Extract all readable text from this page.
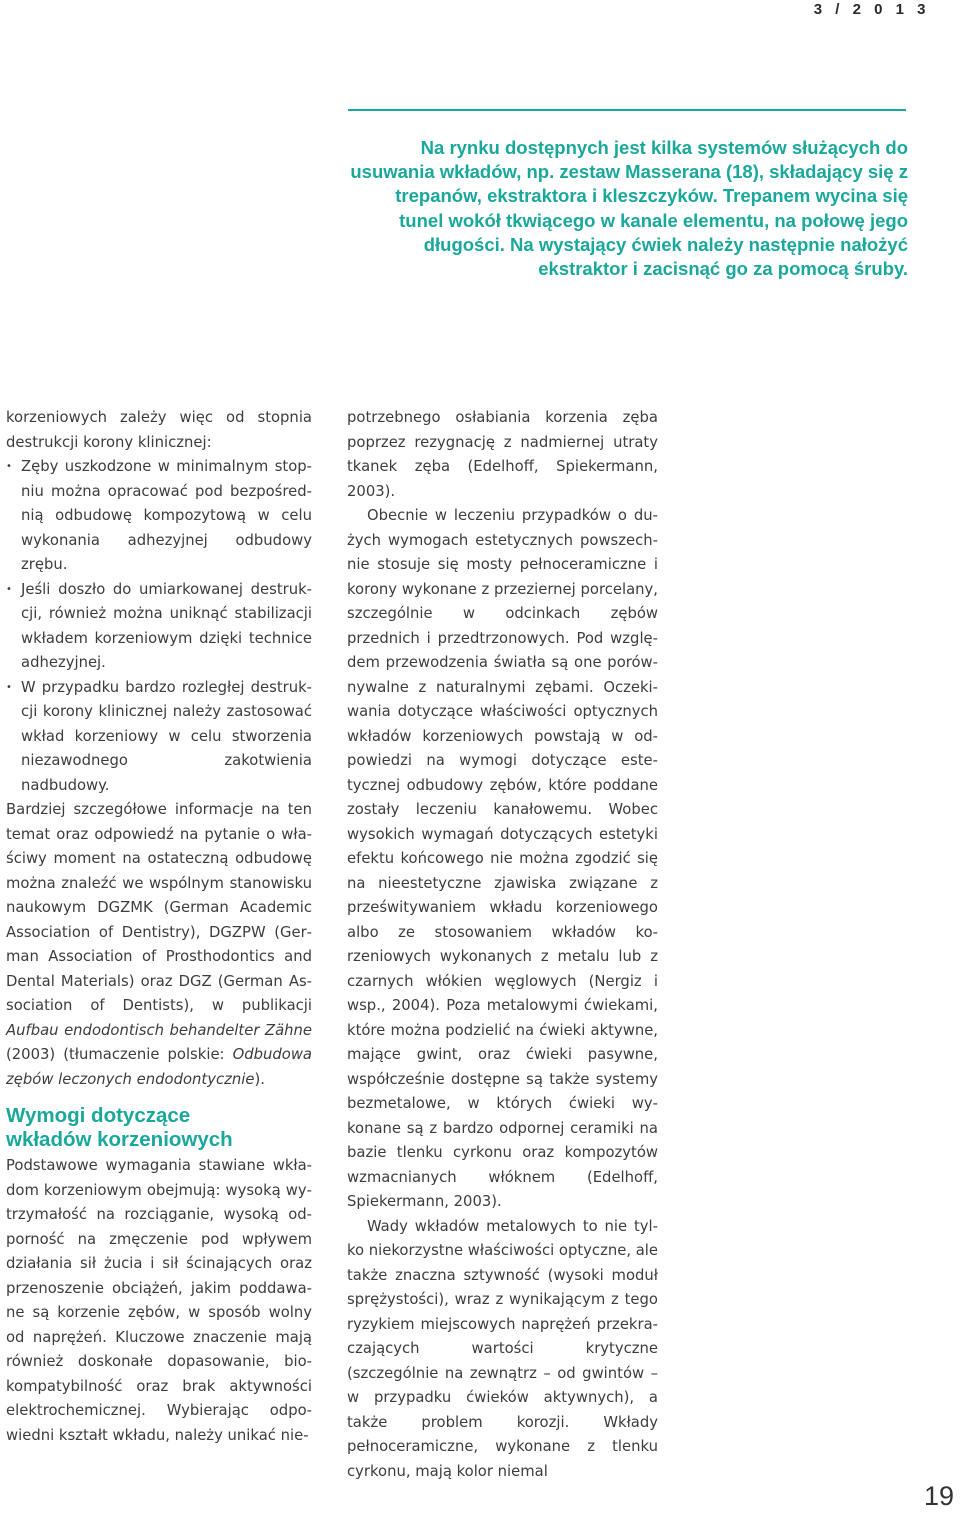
3 / 2 0 1 3

Na rynku dostępnych jest kilka systemów służących do usuwania wkładów, np. zestaw Masserana (18), składający się z trepanów, ekstraktora i kleszczyków. Trepanem wycina się tunel wokół tkwiącego w kanale elementu, na połowę jego długości. Na wystający ćwiek należy następnie nałożyć ekstraktor i zacisnąć go za pomocą śruby.

korzeniowych zależy więc od stopnia destrukcji korony klinicznej:

• Zęby uszkodzone w minimalnym stopniu można opracować pod bezpośrednią odbudowę kompozytową w celu wykonania adhezyjnej odbudowy zrębu.
• Jeśli doszło do umiarkowanej destrukcji, również można uniknąć stabilizacji wkładem korzeniowym dzięki technice adhezyjnej.
• W przypadku bardzo rozległej destrukcji korony klinicznej należy zastosować wkład korzeniowy w celu stworzenia niezawodnego zakotwienia nadbudowy.

Bardziej szczegółowe informacje na ten temat oraz odpowiedź na pytanie o właściwy moment na ostateczną odbudowę można znaleźć we wspólnym stanowisku naukowym DGZMK (German Academic Association of Dentistry), DGZPW (German Association of Prosthodontics and Dental Materials) oraz DGZ (German Association of Dentists), w publikacji Aufbau endodontisch behandelter Zähne (2003) (tłumaczenie polskie: Odbudowa zębów leczonych endodontycznie).

Wymogi dotyczące
wkładów korzeniowych

Podstawowe wymagania stawiane wkładom korzeniowym obejmują: wysoką wytrzymałość na rozciąganie, wysoką odporność na zmęczenie pod wpływem działania sił żucia i sił ścinających oraz przenoszenie obciążeń, jakim poddawane są korzenie zębów, w sposób wolny od naprężeń. Kluczowe znaczenie mają również doskonałe dopasowanie, biokompatybilność oraz brak aktywności elektrochemicznej. Wybierając odpowiedni kształt wkładu, należy unikać nie-

potrzebnego osłabiania korzenia zęba poprzez rezygnację z nadmiernej utraty tkanek zęba (Edelhoff, Spiekermann, 2003).

Obecnie w leczeniu przypadków o dużych wymogach estetycznych powszechnie stosuje się mosty pełnoceramiczne i korony wykonane z przeziernej porcelany, szczególnie w odcinkach zębów przednich i przedtrzonowych. Pod względem przewodzenia światła są one porównywalne z naturalnymi zębami. Oczekiwania dotyczące właściwości optycznych wkładów korzeniowych powstają w odpowiedzi na wymogi dotyczące estetycznej odbudowy zębów, które poddane zostały leczeniu kanałowemu. Wobec wysokich wymagań dotyczących estetyki efektu końcowego nie można zgodzić się na nieestetyczne zjawiska związane z prześwitywaniem wkładu korzeniowego albo ze stosowaniem wkładów korzeniowych wykonanych z metalu lub z czarnych włókien węglowych (Nergiz i wsp., 2004). Poza metalowymi ćwiekami, które można podzielić na ćwieki aktywne, mające gwint, oraz ćwieki pasywne, współcześnie dostępne są także systemy bezmetalowe, w których ćwieki wykonane są z bardzo odpornej ceramiki na bazie tlenku cyrkonu oraz kompozytów wzmacnianych włóknem (Edelhoff, Spiekermann, 2003).

Wady wkładów metalowych to nie tylko niekorzystne właściwości optyczne, ale także znaczna sztywność (wysoki moduł sprężystości), wraz z wynikającym z tego ryzykiem miejscowych naprężeń przekraczających wartości krytyczne (szczególnie na zewnątrz – od gwintów – w przypadku ćwieków aktywnych), a także problem korozji. Wkłady pełnoceramiczne, wykonane z tlenku cyrkonu, mają kolor niemal

19
